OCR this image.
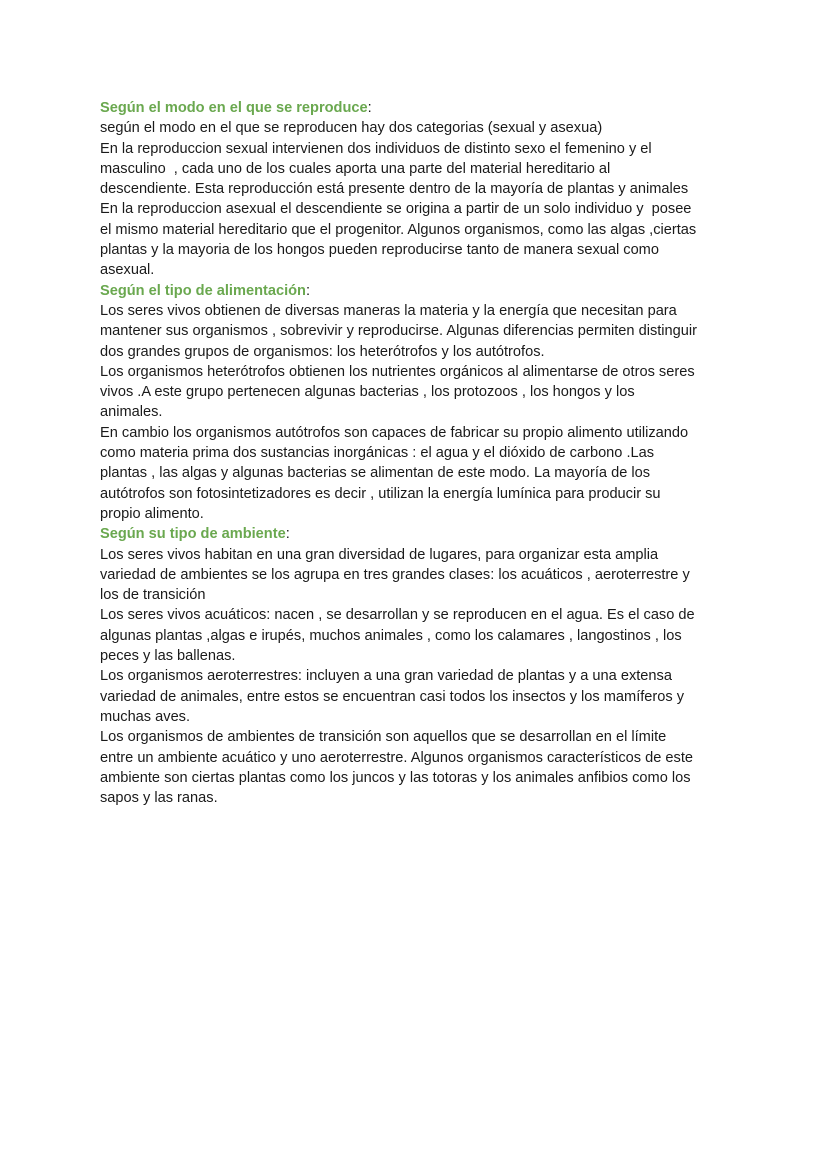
Según el modo en el que se reproduce:
según el modo en el que se reproducen hay dos categorias (sexual y asexua)
En la reproduccion sexual intervienen dos individuos de distinto sexo el femenino y el
masculino  , cada uno de los cuales aporta una parte del material hereditario al
descendiente. Esta reproducción está presente dentro de la mayoría de plantas y animales
En la reproduccion asexual el descendiente se origina a partir de un solo individuo y  posee
el mismo material hereditario que el progenitor. Algunos organismos, como las algas ,ciertas
plantas y la mayoria de los hongos pueden reproducirse tanto de manera sexual como
asexual.
Según el tipo de alimentación:
Los seres vivos obtienen de diversas maneras la materia y la energía que necesitan para
mantener sus organismos , sobrevivir y reproducirse. Algunas diferencias permiten distinguir
dos grandes grupos de organismos: los heterótrofos y los autótrofos.
Los organismos heterótrofos obtienen los nutrientes orgánicos al alimentarse de otros seres
vivos .A este grupo pertenecen algunas bacterias , los protozoos , los hongos y los
animales.
En cambio los organismos autótrofos son capaces de fabricar su propio alimento utilizando
como materia prima dos sustancias inorgánicas : el agua y el dióxido de carbono .Las
plantas , las algas y algunas bacterias se alimentan de este modo. La mayoría de los
autótrofos son fotosintetizadores es decir , utilizan la energía lumínica para producir su
propio alimento.
Según su tipo de ambiente:
Los seres vivos habitan en una gran diversidad de lugares, para organizar esta amplia
variedad de ambientes se los agrupa en tres grandes clases: los acuáticos , aeroterrestre y
los de transición
Los seres vivos acuáticos: nacen , se desarrollan y se reproducen en el agua. Es el caso de
algunas plantas ,algas e irupés, muchos animales , como los calamares , langostinos , los
peces y las ballenas.
Los organismos aeroterrestres: incluyen a una gran variedad de plantas y a una extensa
variedad de animales, entre estos se encuentran casi todos los insectos y los mamíferos y
muchas aves.
Los organismos de ambientes de transición son aquellos que se desarrollan en el límite
entre un ambiente acuático y uno aeroterrestre. Algunos organismos característicos de este
ambiente son ciertas plantas como los juncos y las totoras y los animales anfibios como los
sapos y las ranas.
